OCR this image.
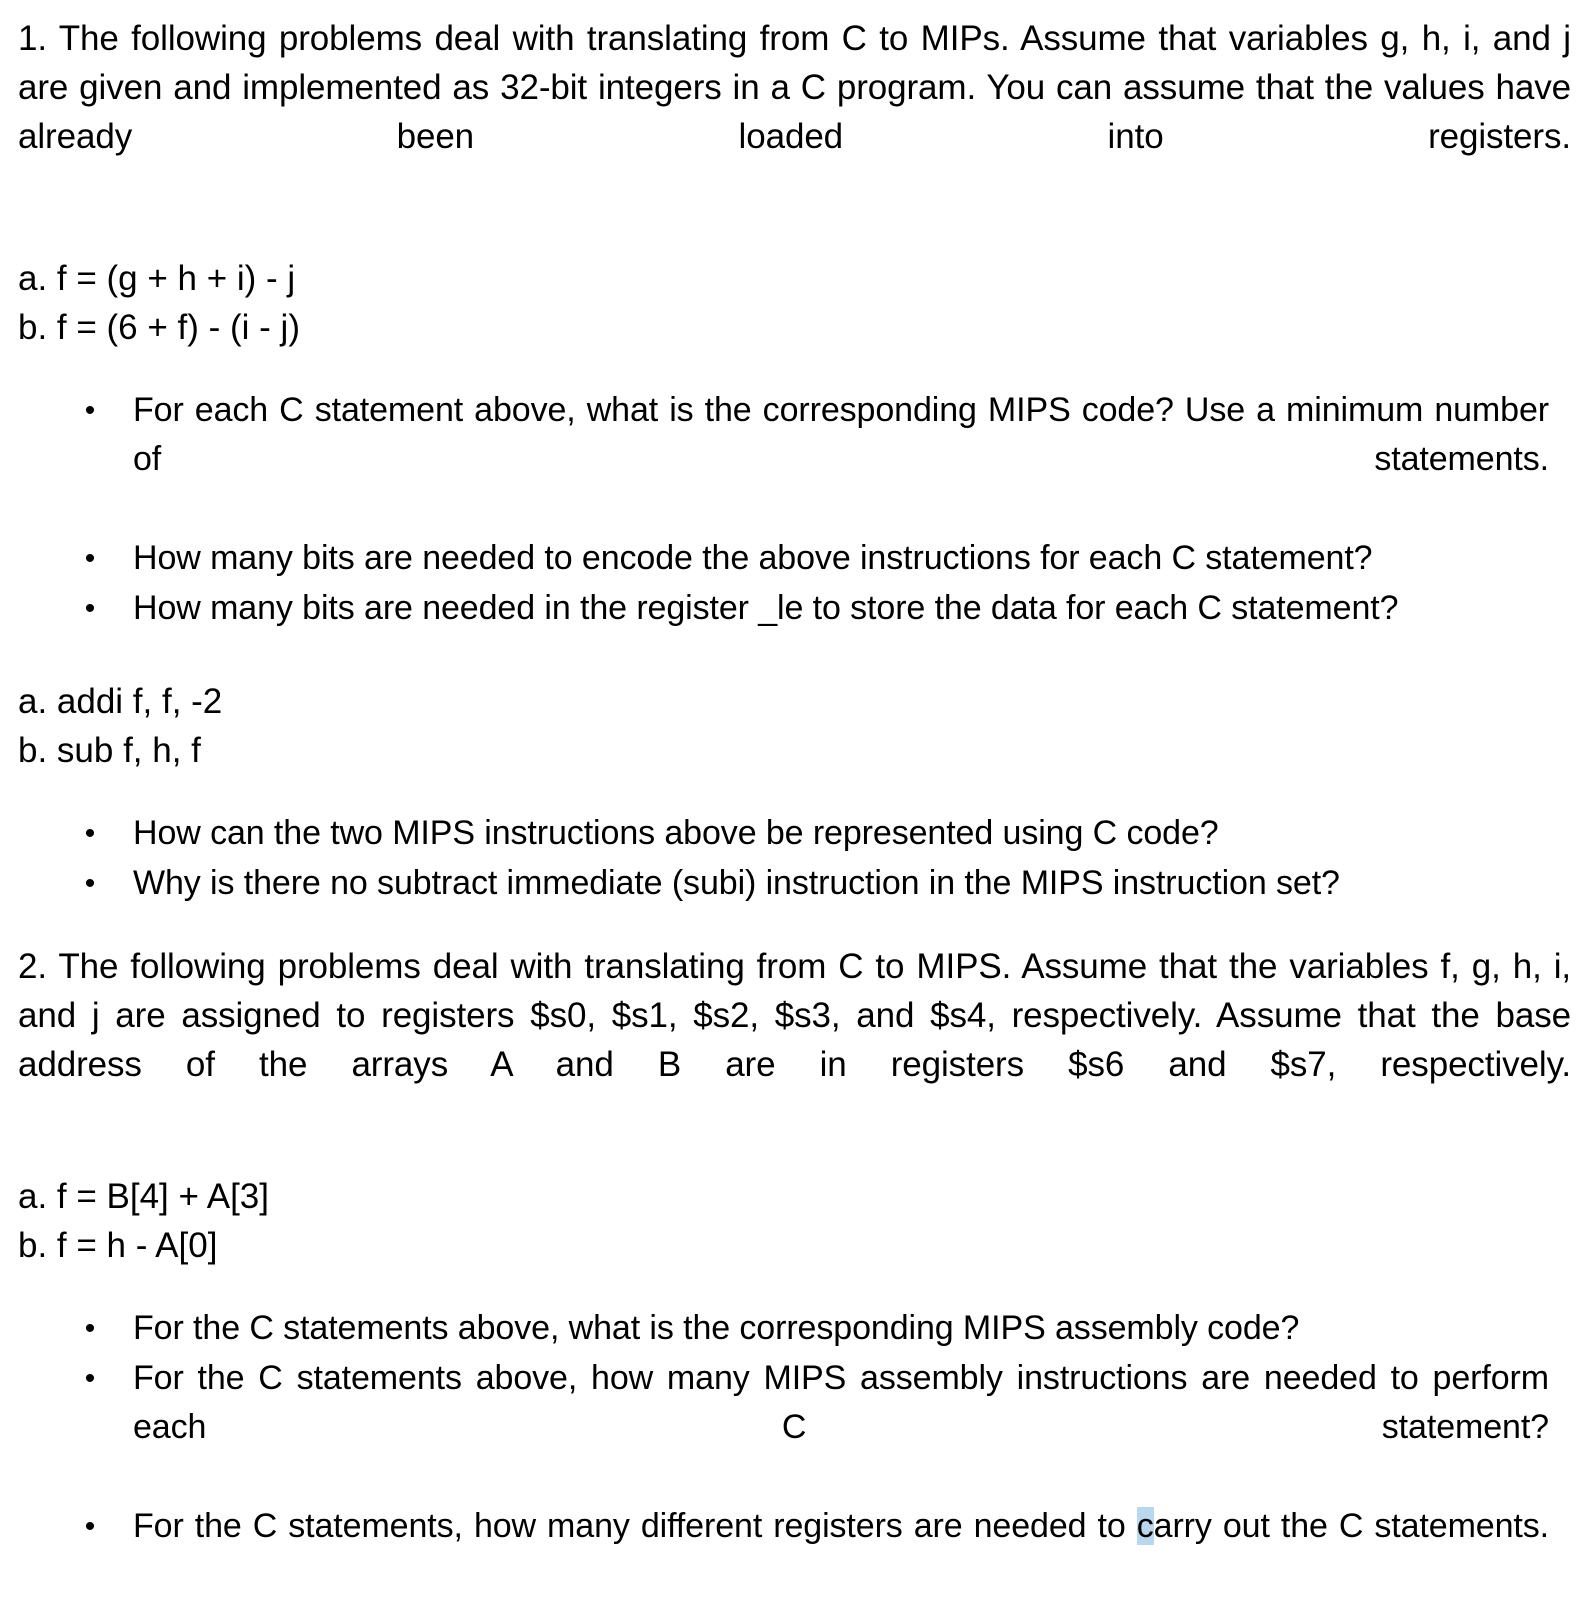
1. The following problems deal with translating from C to MIPs. Assume that variables g, h, i, and j are given and implemented as 32-bit integers in a C program. You can assume that the values have already been loaded into registers.

a. f = (g + h + i) - j
b. f = (6 + f) - (i - j)
• For each C statement above, what is the corresponding MIPS code? Use a minimum number of statements.
• How many bits are needed to encode the above instructions for each C statement?
• How many bits are needed in the register _le to store the data for each C statement?
a. addi f, f, -2
b. sub f, h, f
• How can the two MIPS instructions above be represented using C code?
• Why is there no subtract immediate (subi) instruction in the MIPS instruction set?

2. The following problems deal with translating from C to MIPS. Assume that the variables f, g, h, i, and j are assigned to registers $s0, $s1, $s2, $s3, and $s4, respectively. Assume that the base address of the arrays A and B are in registers $s6 and $s7, respectively.

a. f = B[4] + A[3]
b. f = h - A[0]
• For the C statements above, what is the corresponding MIPS assembly code?
• For the C statements above, how many MIPS assembly instructions are needed to perform each C statement?
• For the C statements, how many different registers are needed to carry out the C statements.
